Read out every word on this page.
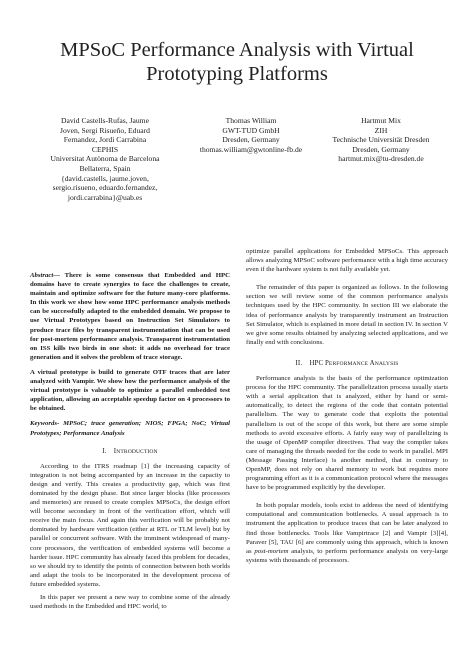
MPSoC Performance Analysis with Virtual
Prototyping Platforms
David Castells-Rufas, Jaume
Joven, Sergi Risueño, Eduard
Fernandez, Jordi Carrabina
CEPHIS
Universitat Autònoma de Barcelona
Bellaterra, Spain
{david.castells, jaume.joven,
sergio.risueno, eduardo.fernandez,
jordi.carrabina}@uab.es
Thomas William
GWT-TUD GmbH
Dresden, Germany
thomas.william@gwtonline-fb.de
Hartmut Mix
ZIH
Technische Universität Dresden
Dresden, Germany
hartmut.mix@tu-dresden.de

Abstract— There is some consensus that Embedded and HPC domains have to create synergies to face the challenges to create, maintain and optimize software for the future many-core platforms. In this work we show how some HPC performance analysis methods can be successfully adapted to the embedded domain. We propose to use Virtual Prototypes based on Instruction Set Simulators to produce trace files by transparent instrumentation that can be used for post-mortem performance analysis. Transparent instrumentation on ISS kills two birds in one shot: it adds no overhead for trace generation and it solves the problem of trace storage.

A virtual prototype is build to generate OTF traces that are later analyzed with Vampir. We show how the performance analysis of the virtual prototype is valuable to optimize a parallel embedded test application, allowing an acceptable speedup factor on 4 processors to be obtained.

Keywords- MPSoC; trace generation; NIOS; FPGA; NoC; Virtual Prototypes; Performance Analysis

I. INTRODUCTION

According to the ITRS roadmap [1] the increasing capacity of integration is not being accompanied by an increase in the capacity to design and verify. This creates a productivity gap, which was first dominated by the design phase. But since larger blocks (like processors and memories) are reused to create complex MPSoCs, the design effort will become secondary in front of the verification effort, which will receive the main focus. And again this verification will be probably not dominated by hardware verification (either at RTL or TLM level) but by parallel or concurrent software. With the imminent widespread of many-core processors, the verification of embedded systems will become a harder issue. HPC community has already faced this problem for decades, so we should try to identify the points of connection between both worlds and adapt the tools to be incorporated in the development process of future embedded systems.

In this paper we present a new way to combine some of the already used methods in the Embedded and HPC world, to

optimize parallel applications for Embedded MPSoCs. This approach allows analyzing MPSoC software performance with a high time accuracy even if the hardware system is not fully available yet.

The remainder of this paper is organized as follows. In the following section we will review some of the common performance analysis techniques used by the HPC community. In section III we elaborate the idea of performance analysis by transparently instrument an Instruction Set Simulator, which is explained in more detail in section IV. In section V we give some results obtained by analyzing selected applications, and we finally end with conclusions.

II. HPC PERFORMANCE ANALYSIS

Performance analysis is the basis of the performance optimization process for the HPC community. The parallelization process usually starts with a serial application that is analyzed, either by hand or semi-automatically, to detect the regions of the code that contain potential parallelism. The way to generate code that exploits the potential parallelism is out of the scope of this work, but there are some simple methods to avoid excessive efforts. A fairly easy way of parallelizing is the usage of OpenMP compiler directives. That way the compiler takes care of managing the threads needed for the code to work in parallel. MPI (Message Passing Interface) is another method, that in contrary to OpenMP, does not rely on shared memory to work but requires more programming effort as it is a communication protocol where the messages have to be programmed explicitly by the developer.

In both popular models, tools exist to address the need of identifying computational and communication bottlenecks. A usual approach is to instrument the application to produce traces that can be later analyzed to find those bottlenecks. Tools like Vampirtrace [2] and Vampir [3][4], Paraver [5], TAU [6] are commonly using this approach, which is known as post-mortem analysis, to perform performance analysis on very-large systems with thousands of processors.
